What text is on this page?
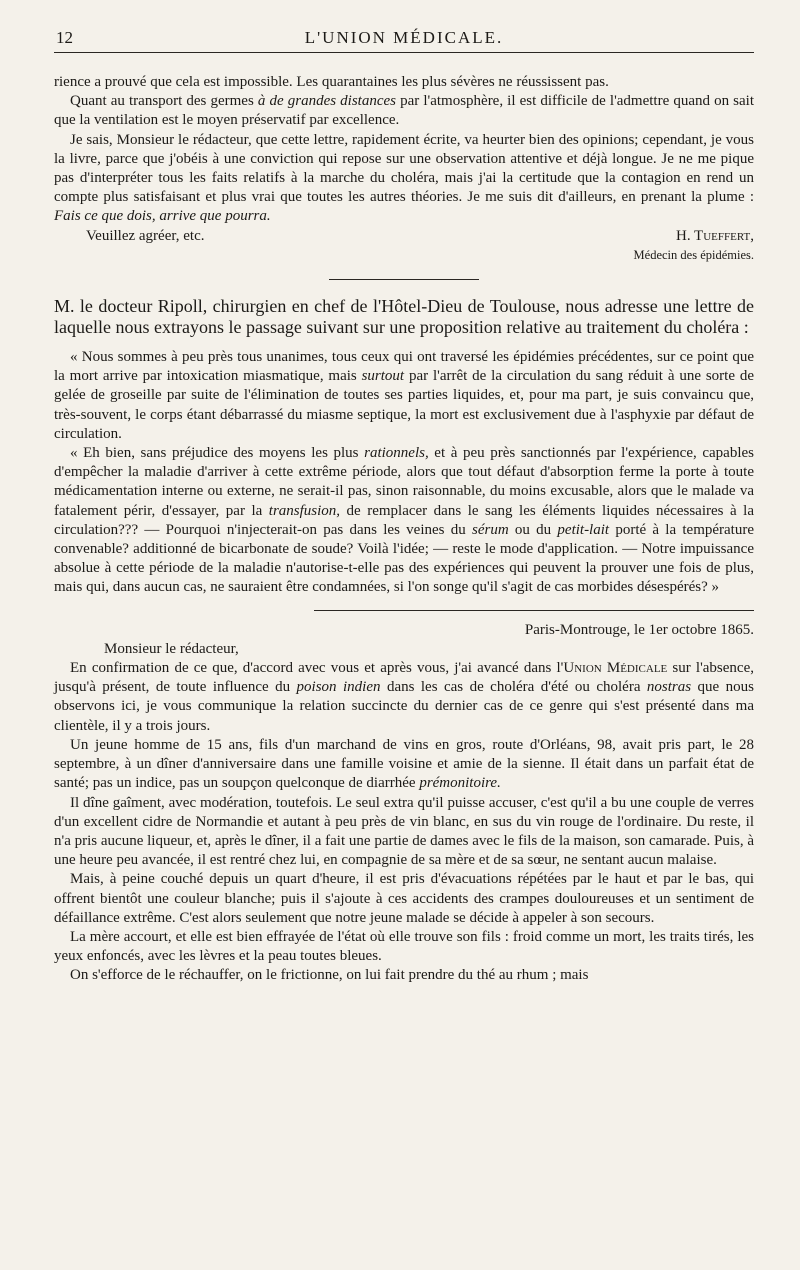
12	L'UNION MÉDICALE.

rience a prouvé que cela est impossible. Les quarantaines les plus sévères ne réussissent pas.

Quant au transport des germes à de grandes distances par l'atmosphère, il est difficile de l'admettre quand on sait que la ventilation est le moyen préservatif par excellence.

Je sais, Monsieur le rédacteur, que cette lettre, rapidement écrite, va heurter bien des opinions; cependant, je vous la livre, parce que j'obéis à une conviction qui repose sur une observation attentive et déjà longue. Je ne me pique pas d'interpréter tous les faits relatifs à la marche du choléra, mais j'ai la certitude que la contagion en rend un compte plus satisfaisant et plus vrai que toutes les autres théories. Je me suis dit d'ailleurs, en prenant la plume : Fais ce que dois, arrive que pourra.

Veuillez agréer, etc.	H. Tueffert,

Médecin des épidémies.

M. le docteur Ripoll, chirurgien en chef de l'Hôtel-Dieu de Toulouse, nous adresse une lettre de laquelle nous extrayons le passage suivant sur une proposition relative au traitement du choléra :

« Nous sommes à peu près tous unanimes, tous ceux qui ont traversé les épidémies précédentes, sur ce point que la mort arrive par intoxication miasmatique, mais surtout par l'arrêt de la circulation du sang réduit à une sorte de gelée de groseille par suite de l'élimination de toutes ses parties liquides, et, pour ma part, je suis convaincu que, très-souvent, le corps étant débarrassé du miasme septique, la mort est exclusivement due à l'asphyxie par défaut de circulation.

« Eh bien, sans préjudice des moyens les plus rationnels, et à peu près sanctionnés par l'expérience, capables d'empêcher la maladie d'arriver à cette extrême période, alors que tout défaut d'absorption ferme la porte à toute médicamentation interne ou externe, ne serait-il pas, sinon raisonnable, du moins excusable, alors que le malade va fatalement périr, d'essayer, par la transfusion, de remplacer dans le sang les éléments liquides nécessaires à la circulation??? — Pourquoi n'injecterait-on pas dans les veines du sérum ou du petit-lait porté à la température convenable? additionné de bicarbonate de soude? Voilà l'idée; — reste le mode d'application. — Notre impuissance absolue à cette période de la maladie n'autorise-t-elle pas des expériences qui peuvent la prouver une fois de plus, mais qui, dans aucun cas, ne sauraient être condamnées, si l'on songe qu'il s'agit de cas morbides désespérés? »

Paris-Montrouge, le 1er octobre 1865.

Monsieur le rédacteur,

En confirmation de ce que, d'accord avec vous et après vous, j'ai avancé dans l'Union Médicale sur l'absence, jusqu'à présent, de toute influence du poison indien dans les cas de choléra d'été ou choléra nostras que nous observons ici, je vous communique la relation succincte du dernier cas de ce genre qui s'est présenté dans ma clientèle, il y a trois jours.

Un jeune homme de 15 ans, fils d'un marchand de vins en gros, route d'Orléans, 98, avait pris part, le 28 septembre, à un dîner d'anniversaire dans une famille voisine et amie de la sienne. Il était dans un parfait état de santé; pas un indice, pas un soupçon quelconque de diarrhée prémonitoire.

Il dîne gaîment, avec modération, toutefois. Le seul extra qu'il puisse accuser, c'est qu'il a bu une couple de verres d'un excellent cidre de Normandie et autant à peu près de vin blanc, en sus du vin rouge de l'ordinaire. Du reste, il n'a pris aucune liqueur, et, après le dîner, il a fait une partie de dames avec le fils de la maison, son camarade. Puis, à une heure peu avancée, il est rentré chez lui, en compagnie de sa mère et de sa sœur, ne sentant aucun malaise.

Mais, à peine couché depuis un quart d'heure, il est pris d'évacuations répétées par le haut et par le bas, qui offrent bientôt une couleur blanche; puis il s'ajoute à ces accidents des crampes douloureuses et un sentiment de défaillance extrême. C'est alors seulement que notre jeune malade se décide à appeler à son secours.

La mère accourt, et elle est bien effrayée de l'état où elle trouve son fils : froid comme un mort, les traits tirés, les yeux enfoncés, avec les lèvres et la peau toutes bleues.

On s'efforce de le réchauffer, on le frictionne, on lui fait prendre du thé au rhum ; mais
